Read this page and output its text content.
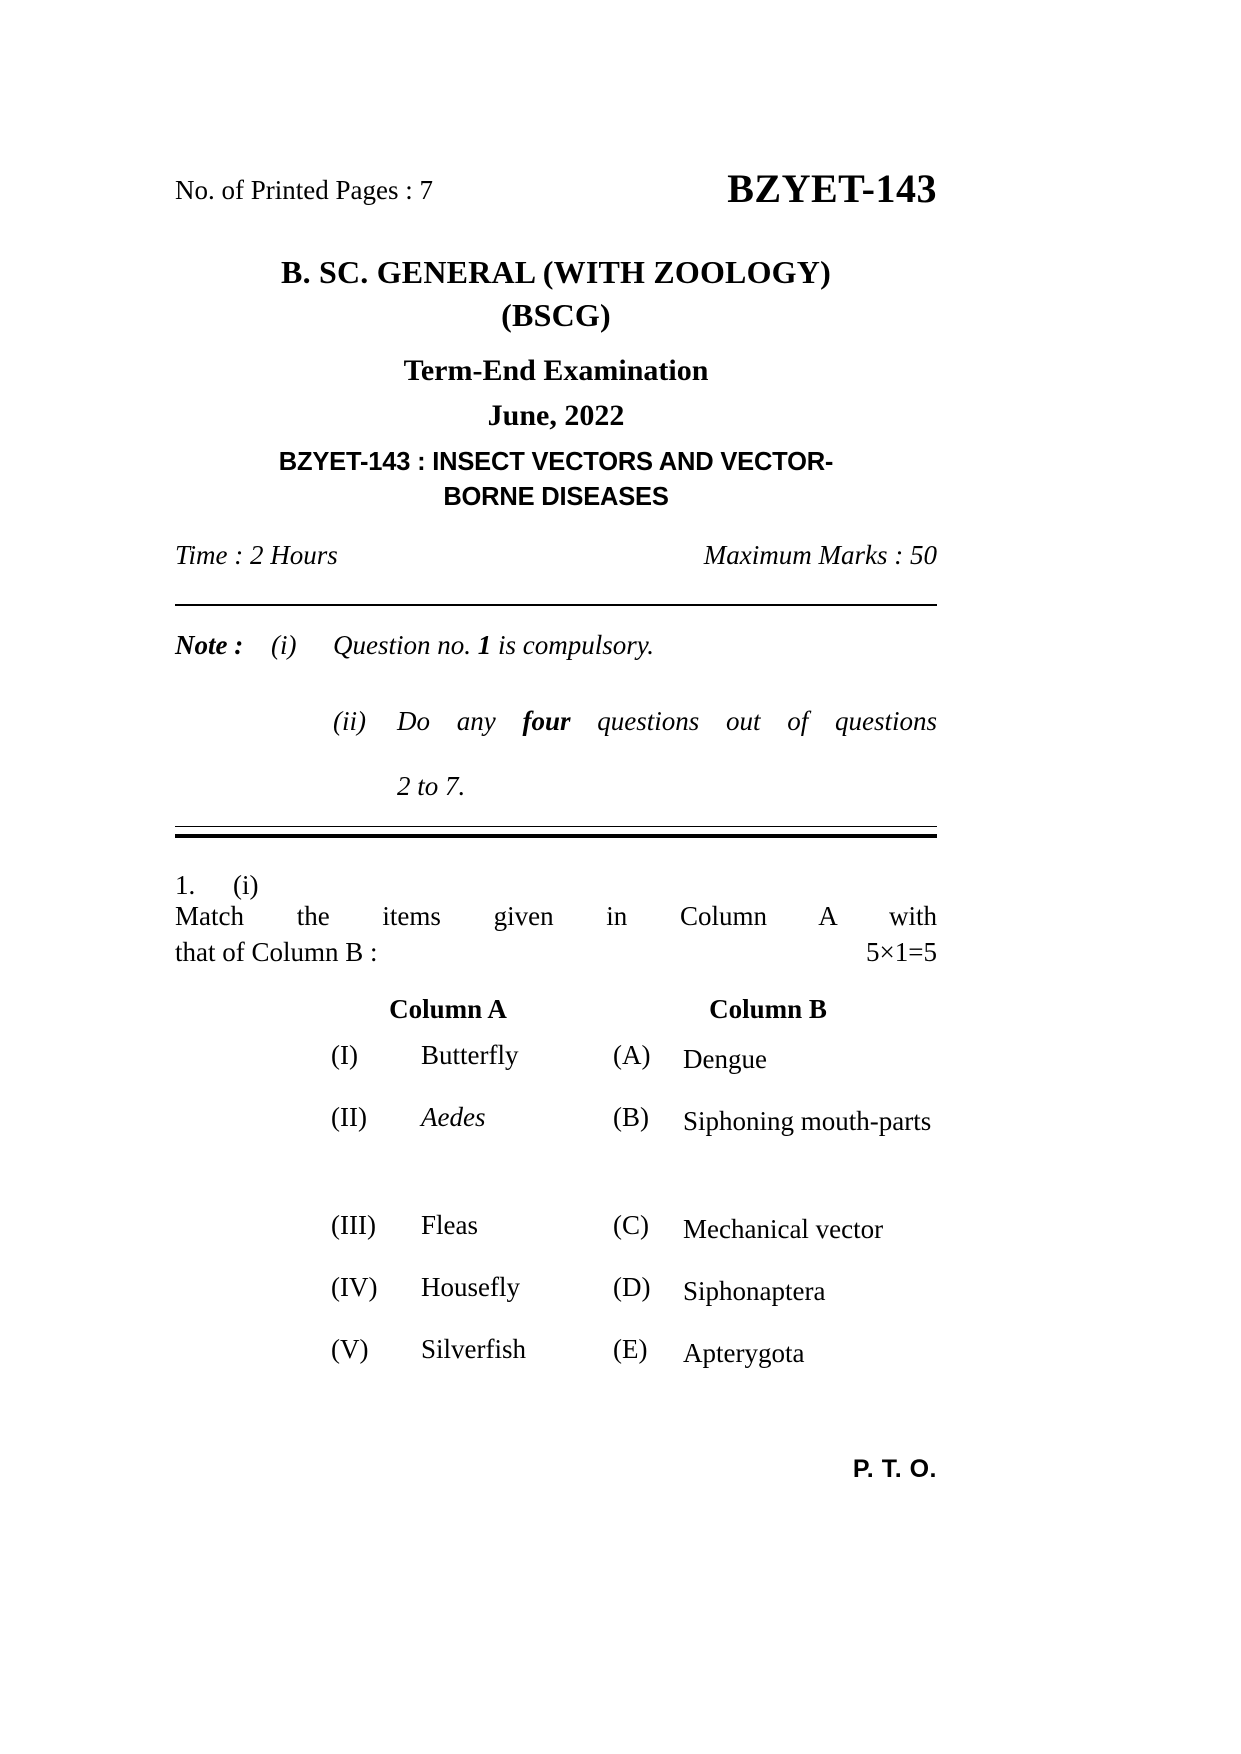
No. of Printed Pages : 7	BZYET-143
B. SC. GENERAL (WITH ZOOLOGY)
(BSCG)
Term-End Examination
June, 2022
BZYET-143 : INSECT VECTORS AND VECTOR-
BORNE DISEASES
Time : 2 Hours	Maximum Marks : 50
Note : (i) Question no. 1 is compulsory.
(ii) Do any four questions out of questions
2 to 7.
1.	(i)
Match the items given in Column A with
that of Column B :	5×1=5
Column A	Column B
(I)	Butterfly	(A)	Dengue
(II)	Aedes	(B)	Siphoning mouth-parts
(III)	Fleas	(C)	Mechanical vector
(IV)	Housefly	(D)	Siphonaptera
(V)	Silverfish	(E)	Apterygota
P. T. O.
